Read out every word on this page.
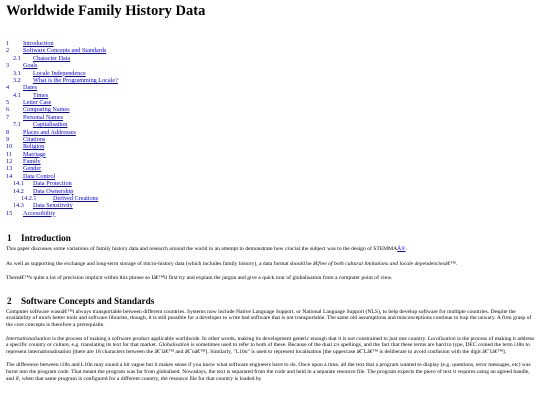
Worldwide Family History Data
1 Introduction
2 Software Concepts and Standards
2.1 Character Data
3 Goals
3.1 Locale Independence
3.2 What is the Programming Locale?
4 Dates
4.1 Times
5 Letter Case
6 Comparing Names
7 Personal Names
7.1 Capitalisation
8 Places and Addresses
9 Citations
10 Religion
11 Marriage
12 Family
13 Gender
14 Data Control
14.1 Data Protection
14.2 Data Ownership
14.2.1	Derived Creations
14.3 Data Sensitivity
15 Accessibility
1 Introduction

This paper discusses some variations of family history data and research around the world in an attempt to demonstrate how crucial the subject was to the design of STEMMAÂ®.

As well as supporting the exchange and long-term storage of micro-history data (which includes family history), a data format should be â€free of both cultural limitations and locale dependenciesâ€™.

Thereâ€™s quite a lot of precision implicit within this phrase so Iâ€™ll first try and explain the jargon and give a quick tour of globalisation from a computer point of view.

2 Software Concepts and Standards

Computer software wasnâ€™t always transportable between different countries. Systems now include Native Language Support, or National Language Support (NLS), to help develop software for multiple countries. Despite the availability of much better tools and software libraries, though, it is still possible for a developer to write bad software that is not transportable. The same old assumptions and misconceptions continue to trap the unwary. A firm grasp of the core concepts is therefore a prerequisite.

Internationalisation is the process of making a software product applicable worldwide. In other words, making its development generic enough that it is not constrained to just one country. Localisation is the process of making it address a specific country or culture, e.g. translating its text for that market. Globalisation is sometimes used to refer to both of these. Because of the dual z/s spellings, and the fact that these terms are hard to type, DEC coined the term i18n to represent internationalisation [there are 18 characters between the â€˜iâ€™ and â€˜nâ€™]. Similarly, "L10n" is used to represent localisation [the uppercase â€˜Lâ€™ is deliberate to avoid confusion with the digit â€˜1â€™].

The difference between i18n and L10n may sound a bit vague but it makes sense if you know what software engineers have to do. Once upon a time, all the text that a program wanted to display (e.g. questions, error messages, etc) was burnt into the program code. That meant the program was far from globalised. Nowadays, the text is separated from the code and held in a separate resource file. The program expects the piece of text it requires using an agreed handle, and if, when that same program is configured for a different country, the resource file for that country is loaded by
